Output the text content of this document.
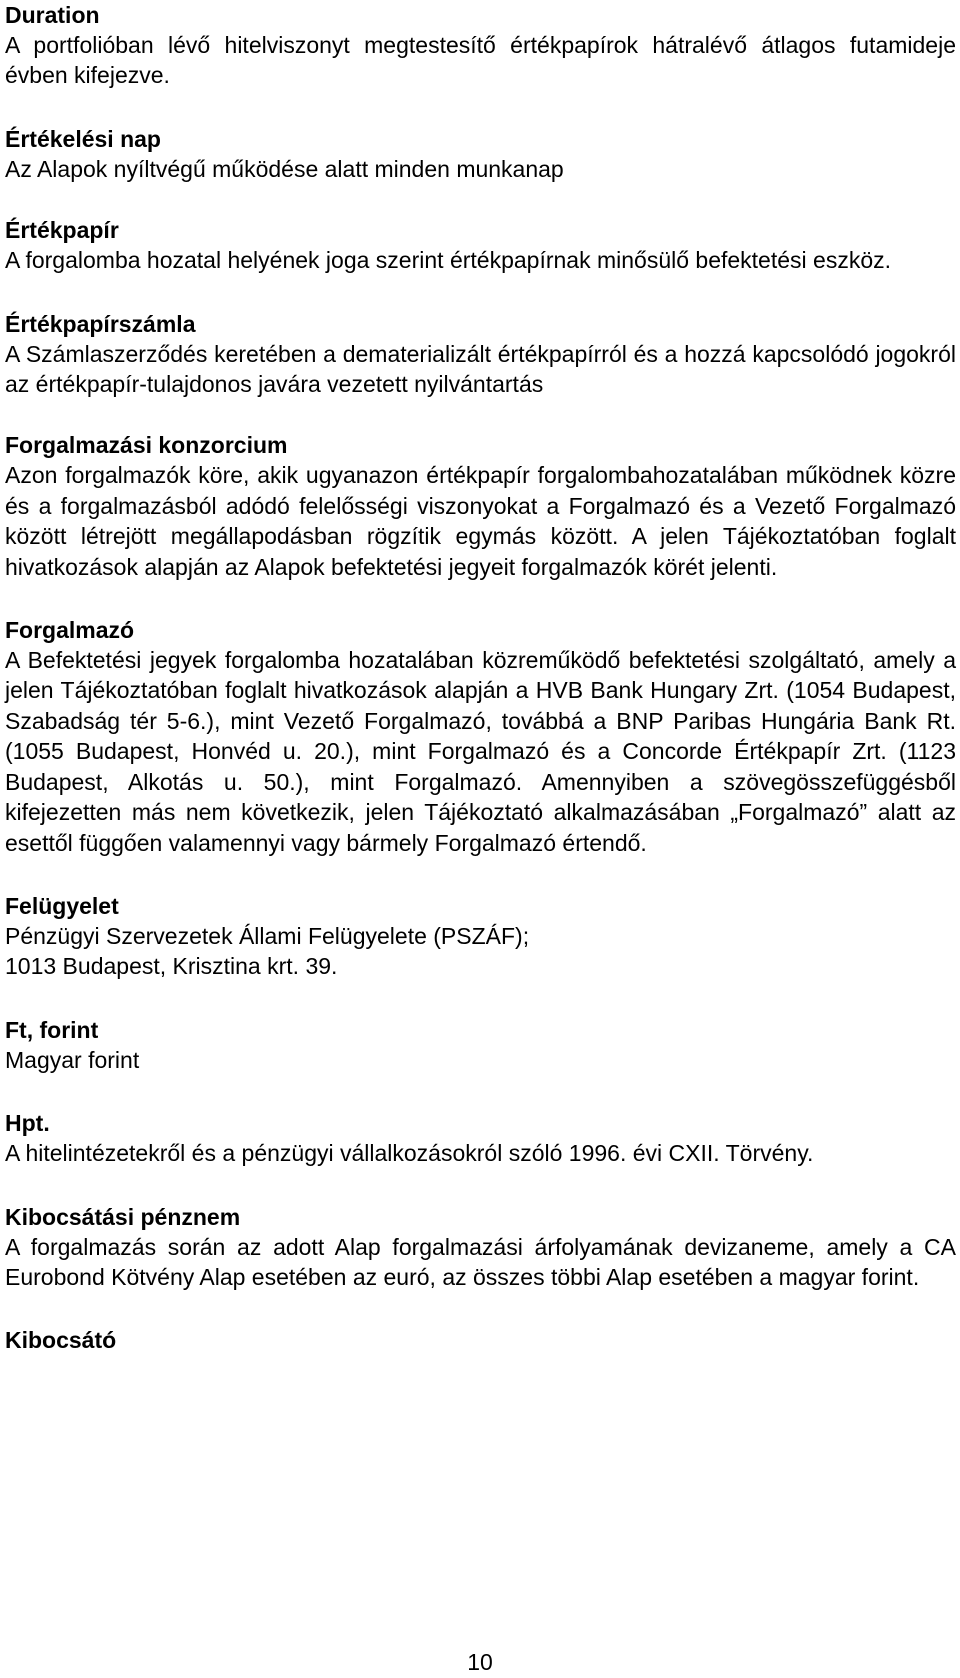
Duration

A portfolióban lévő hitelviszonyt megtestesítő értékpapírok hátralévő átlagos futamideje évben kifejezve.

Értékelési nap

Az Alapok nyíltvégű működése alatt minden munkanap

Értékpapír

A forgalomba hozatal helyének joga szerint értékpapírnak minősülő befektetési eszköz.

Értékpapírszámla

A Számlaszerződés keretében a dematerializált értékpapírról és a hozzá kapcsolódó jogokról az értékpapír-tulajdonos javára vezetett nyilvántartás

Forgalmazási konzorcium

Azon forgalmazók köre, akik ugyanazon értékpapír forgalombahozatalában működnek közre és a forgalmazásból adódó felelősségi viszonyokat a Forgalmazó és a Vezető Forgalmazó között létrejött megállapodásban rögzítik egymás között. A jelen Tájékoztatóban foglalt hivatkozások alapján az Alapok befektetési jegyeit forgalmazók körét jelenti.

Forgalmazó

A Befektetési jegyek forgalomba hozatalában közreműködő befektetési szolgáltató, amely a jelen Tájékoztatóban foglalt hivatkozások alapján a HVB Bank Hungary Zrt. (1054 Budapest, Szabadság tér 5-6.), mint Vezető Forgalmazó, továbbá a BNP Paribas Hungária Bank Rt. (1055 Budapest, Honvéd u. 20.), mint Forgalmazó és a Concorde Értékpapír Zrt. (1123 Budapest, Alkotás u. 50.), mint Forgalmazó. Amennyiben a szövegösszefüggésből kifejezetten más nem következik, jelen Tájékoztató alkalmazásában „Forgalmazó” alatt az esettől függően valamennyi vagy bármely Forgalmazó értendő.

Felügyelet

Pénzügyi Szervezetek Állami Felügyelete (PSZÁF);

1013 Budapest, Krisztina krt. 39.

Ft, forint

Magyar forint

Hpt.

A hitelintézetekről és a pénzügyi vállalkozásokról szóló 1996. évi CXII. Törvény.

Kibocsátási pénznem

A forgalmazás során az adott Alap forgalmazási árfolyamának devizaneme, amely a CA Eurobond Kötvény Alap esetében az euró, az összes többi Alap esetében a magyar forint.

Kibocsátó

10
